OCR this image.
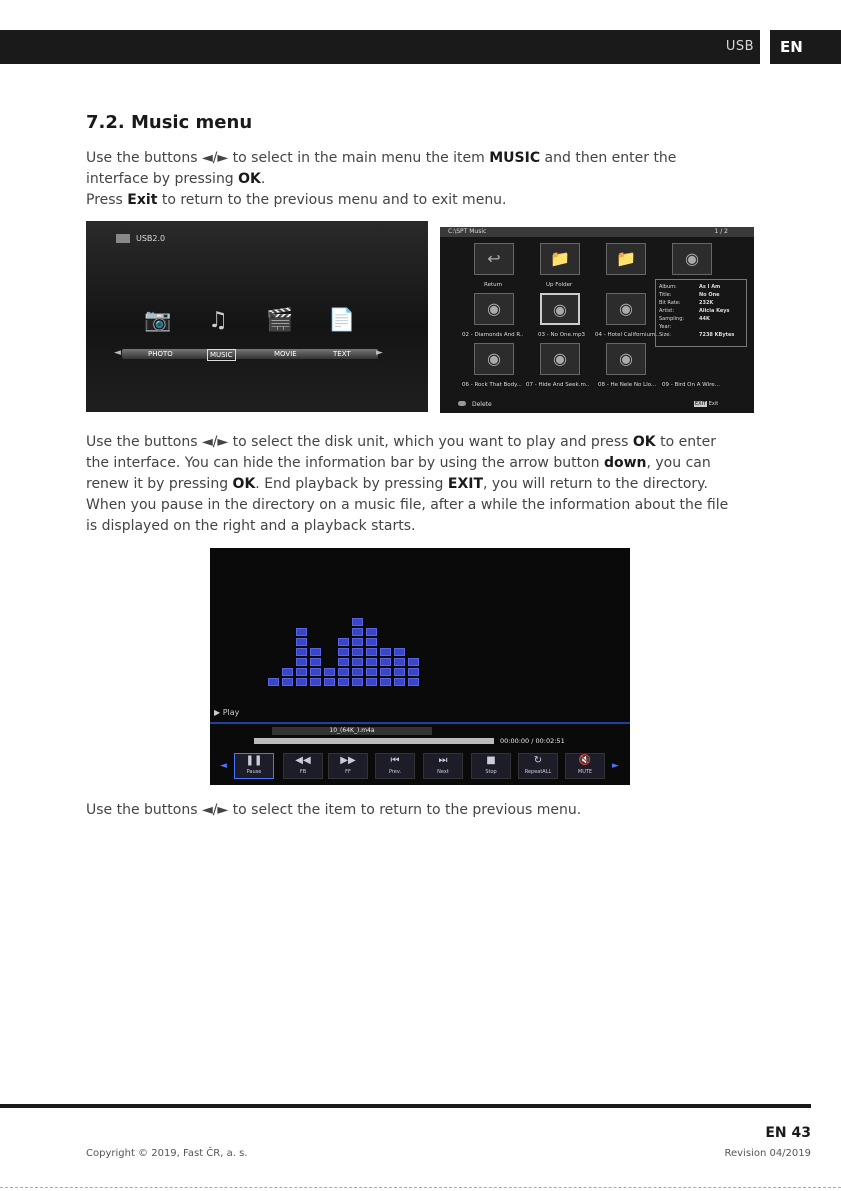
USB	EN
7.2. Music menu

Use the buttons ◄/► to select in the main menu the item MUSIC and then enter the interface by pressing OK.
Press Exit to return to the previous menu and to exit menu.

USB2.0
📷 ♫ 🎬 📄
◄	►
PHOTO	MUSIC	MOVIE	TEXT
C:\SPT Music	1 / 2
↩	📁	📁	◉
Return	Up Folder
◉	◉	◉
02 - Diamonds And R..	03 - No One.mp3 04 - Hotel Californium..
◉	◉	◉
06 - Rock That Body... 07 - Hide And Seek.m.. 08 - He Nele No Llo... 09 - Bird On A Wire...
Album:	As I Am
Title:	No One
Bit Rate:	232K
Artist:	Alicia Keys
Sampling:	44K
Year:
Size:	7238 KBytes
Delete	EXIT Exit

Use the buttons ◄/► to select the disk unit, which you want to play and press OK to enter the interface. You can hide the information bar by using the arrow button down, you can renew it by pressing OK. End playback by pressing EXIT, you will return to the directory. When you pause in the directory on a music file, after a while the information about the file is displayed on the right and a playback starts.

▶ Play
10_(64K_).m4a
00:00:00 / 00:02:51
◄	►
❚❚
Pause
◀◀
FB
▶▶
FF
⏮
Prev.
⏭
Next
■
Stop
↻
RepeatALL
🔇
MUTE

Use the buttons ◄/► to select the item to return to the previous menu.

EN 43
Copyright © 2019, Fast ČR, a. s.	Revision 04/2019
